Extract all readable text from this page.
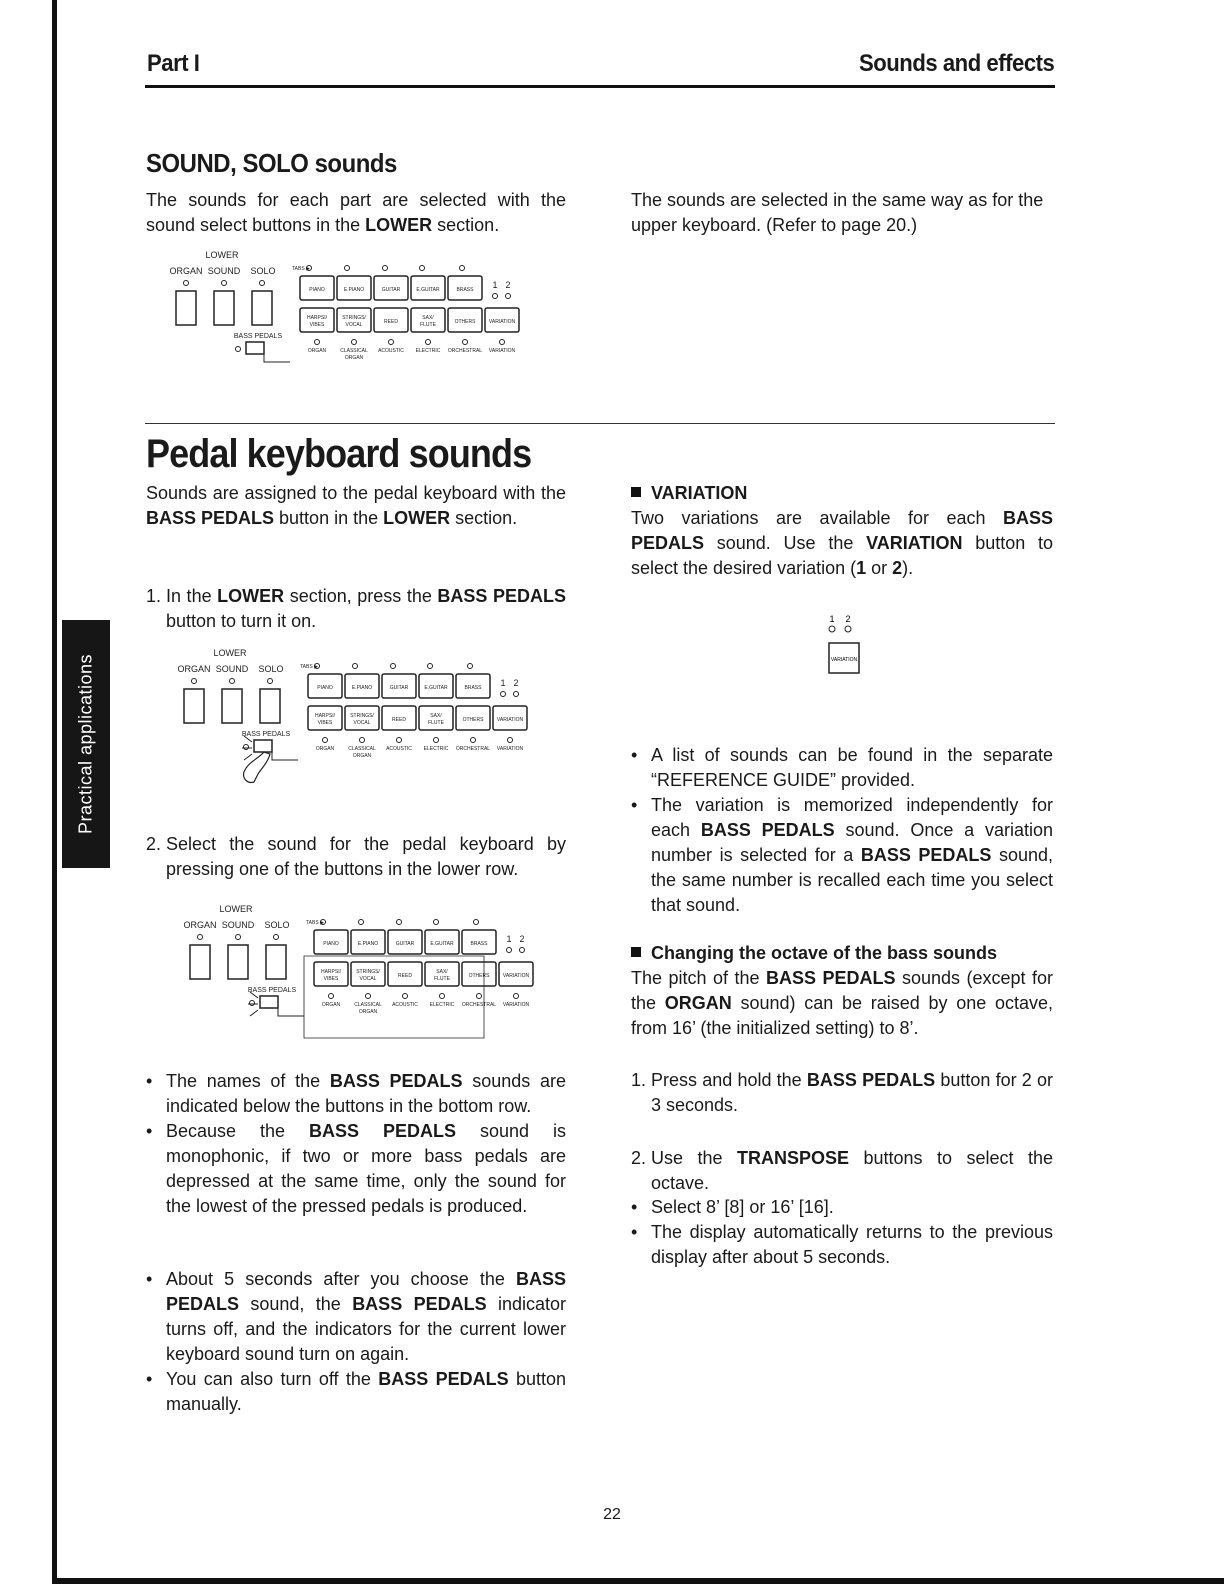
Part I	Sounds and effects
Practical applications
SOUND, SOLO sounds
The sounds for each part are selected with the sound select buttons in the LOWER section.
The sounds are selected in the same way as for the upper keyboard. (Refer to page 20.)
LOWER
ORGAN SOUND SOLO	TABS ▶
PIANO	E.PIANO	GUITAR	E.GUITAR	BRASS 1 2
HARPSI/
VIBES
STRINGS/
VOCAL	REED
SAX/
FLUTE	OTHERS	VARIATION
BASS PEDALS
ORGAN	CLASSICAL
ORGAN
ACOUSTIC ELECTRIC ORCHESTRAL VARIATION
Pedal keyboard sounds
Sounds are assigned to the pedal keyboard with the BASS PEDALS button in the LOWER section.
1. In the LOWER section, press the BASS PEDALS button to turn it on.
LOWER
ORGAN SOUND SOLO	TABS ▶
PIANO	E.PIANO	GUITAR	E.GUITAR	BRASS 1 2
HARPSI/
VIBES
STRINGS/
VOCAL	REED
SAX/
FLUTE	OTHERS	VARIATION
BASS PEDALS
ORGAN	CLASSICAL
ORGAN
ACOUSTIC ELECTRIC ORCHESTRAL VARIATION
2. Select the sound for the pedal keyboard by pressing one of the buttons in the lower row.
LOWER
ORGAN SOUND SOLO	TABS ▶
PIANO	E.PIANO	GUITAR	E.GUITAR	BRASS 1 2
HARPSI/
VIBES
STRINGS/
VOCAL	REED
SAX/
FLUTE	OTHERS	VARIATION
BASS PEDALS
ORGAN	CLASSICAL
ORGAN
ACOUSTIC ELECTRIC ORCHESTRAL VARIATION
• The names of the BASS PEDALS sounds are indicated below the buttons in the bottom row.
• Because the BASS PEDALS sound is monophonic, if two or more bass pedals are depressed at the same time, only the sound for the lowest of the pressed pedals is produced.
• About 5 seconds after you choose the BASS PEDALS sound, the BASS PEDALS indicator turns off, and the indicators for the current lower keyboard sound turn on again.
• You can also turn off the BASS PEDALS button manually.
VARIATION
Two variations are available for each BASS PEDALS sound. Use the VARIATION button to select the desired variation (1 or 2).
1 2
VARIATION
• A list of sounds can be found in the separate “REFERENCE GUIDE” provided.
• The variation is memorized independently for each BASS PEDALS sound. Once a variation number is selected for a BASS PEDALS sound, the same number is recalled each time you select that sound.
Changing the octave of the bass sounds
The pitch of the BASS PEDALS sounds (except for the ORGAN sound) can be raised by one octave, from 16’ (the initialized setting) to 8’.
1. Press and hold the BASS PEDALS button for 2 or 3 seconds.
2. Use the TRANSPOSE buttons to select the octave.
• Select 8’ [8] or 16’ [16].
• The display automatically returns to the previous display after about 5 seconds.
22
